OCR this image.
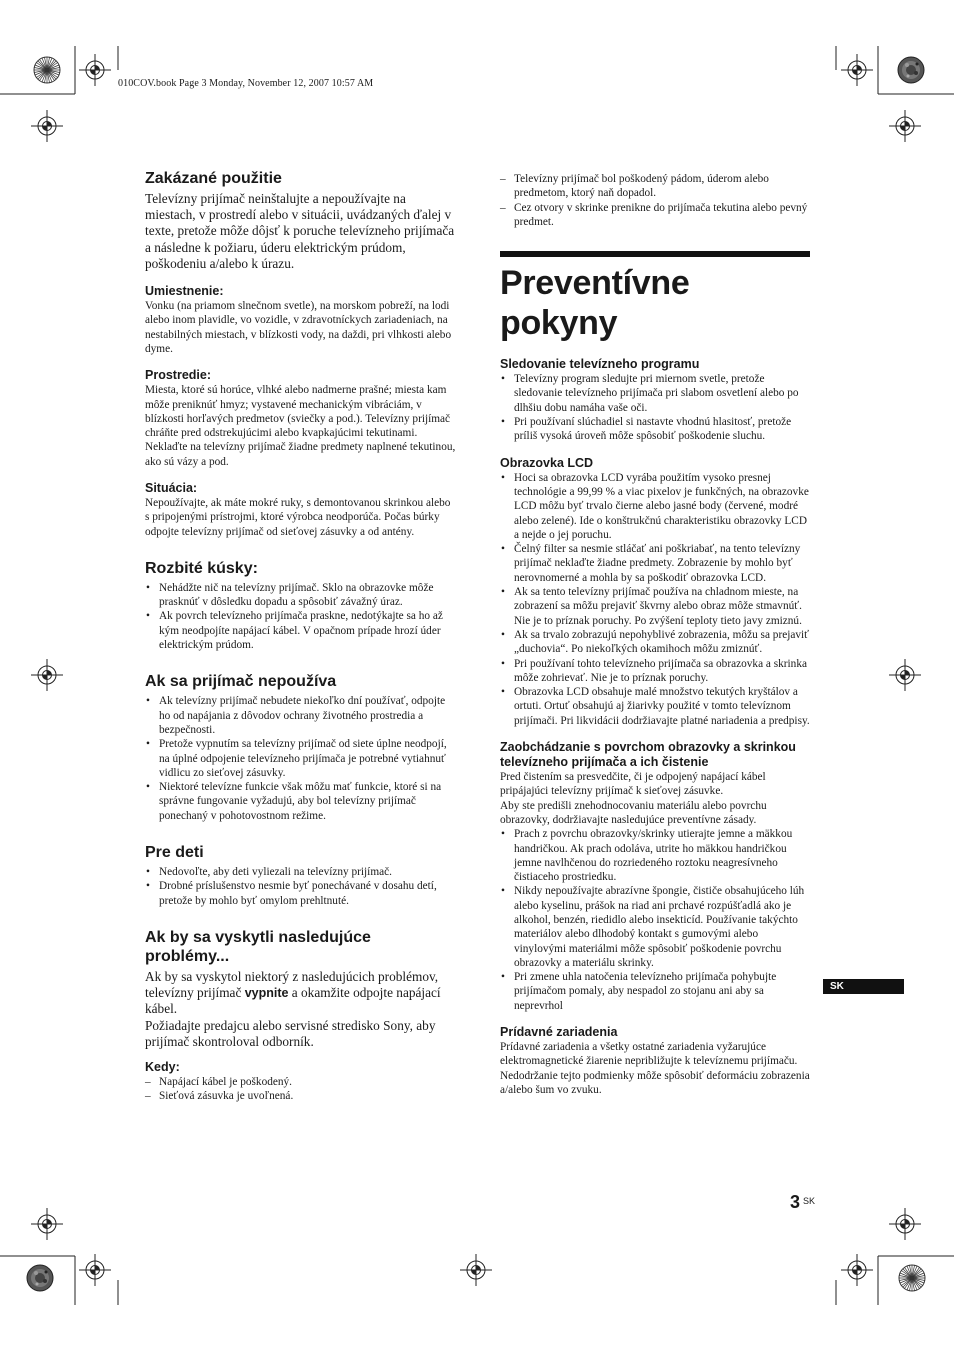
010COV.book Page 3 Monday, November 12, 2007 10:57 AM
Zakázané použitie

Televízny prijímač neinštalujte a nepoužívajte na miestach, v prostredí alebo v situácii, uvádzaných ďalej v texte, pretože môže dôjsť k poruche televízneho prijímača a následne k požiaru, úderu elektrickým prúdom, poškodeniu a/alebo k úrazu.

Umiestnenie:

Vonku (na priamom slnečnom svetle), na morskom pobreží, na lodi alebo inom plavidle, vo vozidle, v zdravotníckych zariadeniach, na nestabilných miestach, v blízkosti vody, na daždi, pri vlhkosti alebo dyme.

Prostredie:

Miesta, ktoré sú horúce, vlhké alebo nadmerne prašné; miesta kam môže preniknúť hmyz; vystavené mechanickým vibráciám, v blízkosti horľavých predmetov (sviečky a pod.). Televízny prijímač chráňte pred odstrekujúcimi alebo kvapkajúcimi tekutinami. Neklaďte na televízny prijímač žiadne predmety naplnené tekutinou, ako sú vázy a pod.

Situácia:

Nepoužívajte, ak máte mokré ruky, s demontovanou skrinkou alebo s pripojenými prístrojmi, ktoré výrobca neodporúča. Počas búrky odpojte televízny prijímač od sieťovej zásuvky a od antény.

Rozbité kúsky:
• Nehádžte nič na televízny prijímač. Sklo na obrazovke môže prasknúť v dôsledku dopadu a spôsobiť závažný úraz.
• Ak povrch televízneho prijímača praskne, nedotýkajte sa ho až kým neodpojíte napájací kábel. V opačnom prípade hrozí úder elektrickým prúdom.
Ak sa prijímač nepoužíva
• Ak televízny prijímač nebudete niekoľko dní používať, odpojte ho od napájania z dôvodov ochrany životného prostredia a bezpečnosti.
• Pretože vypnutím sa televízny prijímač od siete úplne neodpojí, na úplné odpojenie televízneho prijímača je potrebné vytiahnuť vidlicu zo sieťovej zásuvky.
• Niektoré televízne funkcie však môžu mať funkcie, ktoré si na správne fungovanie vyžadujú, aby bol televízny prijímač ponechaný v pohotovostnom režime.
Pre deti
• Nedovoľte, aby deti vyliezali na televízny prijímač.
• Drobné príslušenstvo nesmie byť ponechávané v dosahu detí, pretože by mohlo byť omylom prehltnuté.
Ak by sa vyskytli nasledujúce problémy...

Ak by sa vyskytol niektorý z nasledujúcich problémov, televízny prijímač vypnite a okamžite odpojte napájací kábel.

Požiadajte predajcu alebo servisné stredisko Sony, aby prijímač skontroloval odborník.

Kedy:
– Napájací kábel je poškodený.
– Sieťová zásuvka je uvoľnená.
– Televízny prijímač bol poškodený pádom, úderom alebo predmetom, ktorý naň dopadol.
– Cez otvory v skrinke prenikne do prijímača tekutina alebo pevný predmet.
Preventívne pokyny
Sledovanie televízneho programu
• Televízny program sledujte pri miernom svetle, pretože sledovanie televízneho prijímača pri slabom osvetlení alebo po dlhšiu dobu namáha vaše oči.
• Pri používaní slúchadiel si nastavte vhodnú hlasitosť, pretože príliš vysoká úroveň môže spôsobiť poškodenie sluchu.
Obrazovka LCD
• Hoci sa obrazovka LCD vyrába použitím vysoko presnej technológie a 99,99 % a viac pixelov je funkčných, na obrazovke LCD môžu byť trvalo čierne alebo jasné body (červené, modré alebo zelené). Ide o konštrukčnú charakteristiku obrazovky LCD a nejde o jej poruchu.
• Čelný filter sa nesmie stláčať ani poškriabať, na tento televízny prijímač neklaďte žiadne predmety. Zobrazenie by mohlo byť nerovnomerné a mohla by sa poškodiť obrazovka LCD.
• Ak sa tento televízny prijímač používa na chladnom mieste, na zobrazení sa môžu prejaviť škvrny alebo obraz môže stmavnúť. Nie je to príznak poruchy. Po zvýšení teploty tieto javy zmiznú.
• Ak sa trvalo zobrazujú nepohyblivé zobrazenia, môžu sa prejaviť „duchovia“. Po niekoľkých okamihoch môžu zmiznúť.
• Pri používaní tohto televízneho prijímača sa obrazovka a skrinka môže zohrievať. Nie je to príznak poruchy.
• Obrazovka LCD obsahuje malé množstvo tekutých kryštálov a ortuti. Ortuť obsahujú aj žiarivky použité v tomto televíznom prijímači. Pri likvidácii dodržiavajte platné nariadenia a predpisy.
Zaobchádzanie s povrchom obrazovky a skrinkou televízneho prijímača a ich čistenie

Pred čistením sa presvedčite, či je odpojený napájací kábel pripájajúci televízny prijímač k sieťovej zásuvke.

Aby ste predišli znehodnocovaniu materiálu alebo povrchu obrazovky, dodržiavajte nasledujúce preventívne zásady.

• Prach z povrchu obrazovky/skrinky utierajte jemne a mäkkou handričkou. Ak prach odoláva, utrite ho mäkkou handričkou jemne navlhčenou do rozriedeného roztoku neagresívneho čistiaceho prostriedku.
• Nikdy nepoužívajte abrazívne špongie, čističe obsahujúceho lúh alebo kyselinu, prášok na riad ani prchavé rozpúšťadlá ako je alkohol, benzén, riedidlo alebo insekticíd. Používanie takýchto materiálov alebo dlhodobý kontakt s gumovými alebo vinylovými materiálmi môže spôsobiť poškodenie povrchu obrazovky a materiálu skrinky.
• Pri zmene uhla natočenia televízneho prijímača pohybujte prijímačom pomaly, aby nespadol zo stojanu ani aby sa neprevrhol
Prídavné zariadenia

Prídavné zariadenia a všetky ostatné zariadenia vyžarujúce elektromagnetické žiarenie nepribližujte k televíznemu prijímaču. Nedodržanie tejto podmienky môže spôsobiť deformáciu zobrazenia a/alebo šum vo zvuku.

SK
3 $^{SK}$
